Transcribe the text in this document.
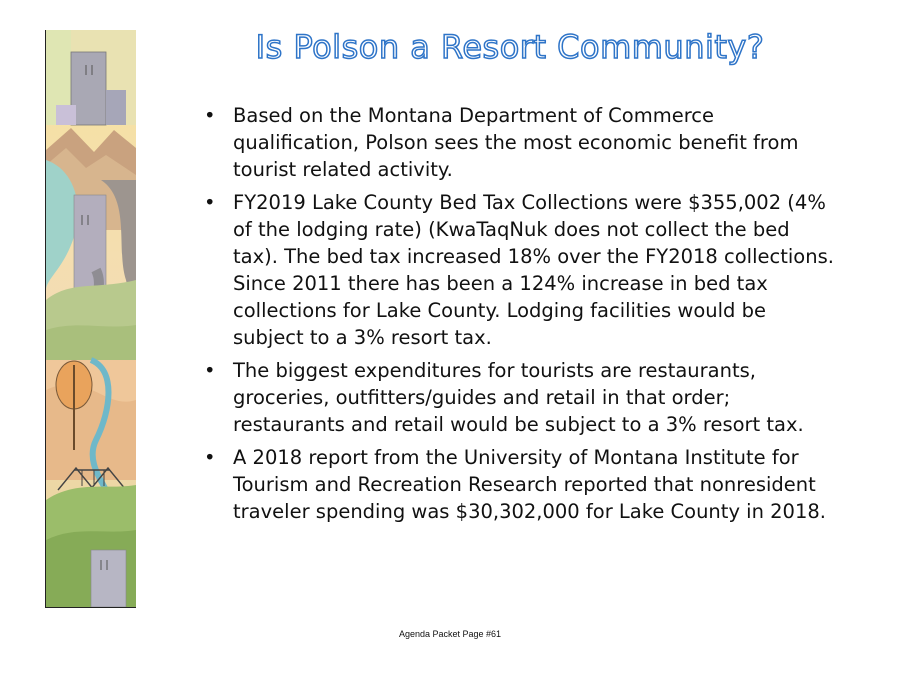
Is Polson a Resort Community?
• Based on the Montana Department of Commerce qualification, Polson sees the most economic benefit from tourist related activity.
• FY2019 Lake County Bed Tax Collections were $355,002 (4% of the lodging rate) (KwaTaqNuk does not collect the bed tax). The bed tax increased 18% over the FY2018 collections. Since 2011 there has been a 124% increase in bed tax collections for Lake County. Lodging facilities would be subject to a 3% resort tax.
• The biggest expenditures for tourists are restaurants, groceries, outfitters/guides and retail in that order; restaurants and retail would be subject to a 3% resort tax.
• A 2018 report from the University of Montana Institute for Tourism and Recreation Research reported that nonresident traveler spending was $30,302,000 for Lake County in 2018.
Agenda Packet Page #61
